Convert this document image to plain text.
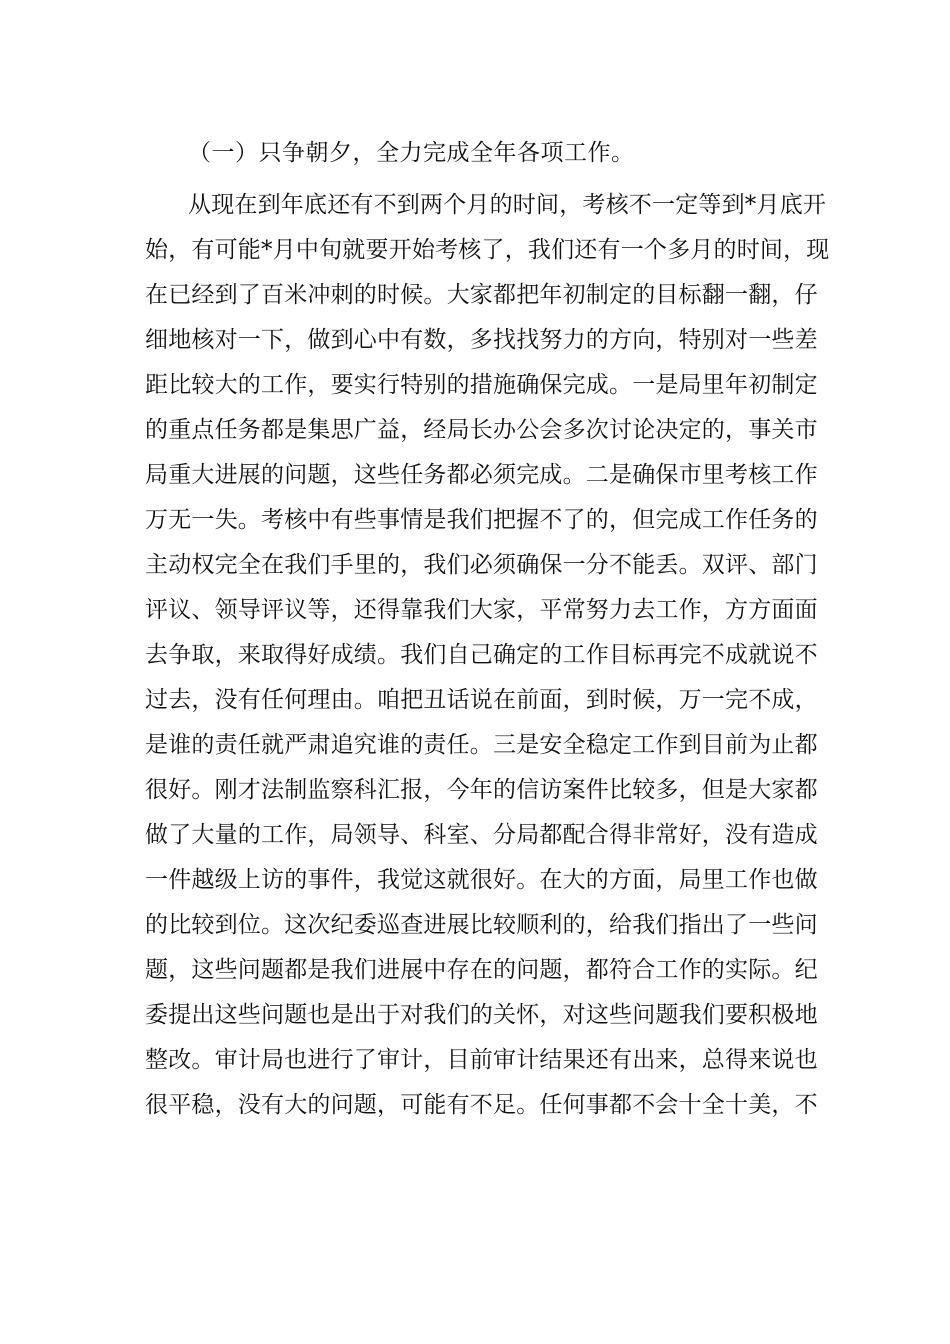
（一）只争朝夕，全力完成全年各项工作。
从现在到年底还有不到两个月的时间，考核不一定等到*月底开
始，有可能*月中旬就要开始考核了，我们还有一个多月的时间，现
在已经到了百米冲刺的时候。大家都把年初制定的目标翻一翻，仔
细地核对一下，做到心中有数，多找找努力的方向，特别对一些差
距比较大的工作，要实行特别的措施确保完成。一是局里年初制定
的重点任务都是集思广益，经局长办公会多次讨论决定的，事关市
局重大进展的问题，这些任务都必须完成。二是确保市里考核工作
万无一失。考核中有些事情是我们把握不了的，但完成工作任务的
主动权完全在我们手里的，我们必须确保一分不能丢。双评、部门
评议、领导评议等，还得靠我们大家，平常努力去工作，方方面面
去争取，来取得好成绩。我们自己确定的工作目标再完不成就说不
过去，没有任何理由。咱把丑话说在前面，到时候，万一完不成，
是谁的责任就严肃追究谁的责任。三是安全稳定工作到目前为止都
很好。刚才法制监察科汇报，今年的信访案件比较多，但是大家都
做了大量的工作，局领导、科室、分局都配合得非常好，没有造成
一件越级上访的事件，我觉这就很好。在大的方面，局里工作也做
的比较到位。这次纪委巡查进展比较顺利的，给我们指出了一些问
题，这些问题都是我们进展中存在的问题，都符合工作的实际。纪
委提出这些问题也是出于对我们的关怀，对这些问题我们要积极地
整改。审计局也进行了审计，目前审计结果还有出来，总得来说也
很平稳，没有大的问题，可能有不足。任何事都不会十全十美，不
